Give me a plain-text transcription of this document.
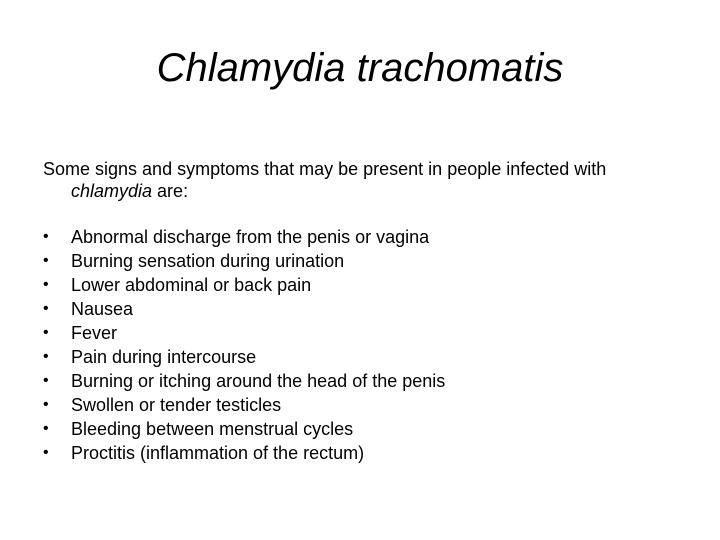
Chlamydia trachomatis

Some signs and symptoms that may be present in people infected with
chlamydia are:

•	Abnormal discharge from the penis or vagina
•	Burning sensation during urination
•	Lower abdominal or back pain
•	Nausea
•	Fever
•	Pain during intercourse
•	Burning or itching around the head of the penis
•	Swollen or tender testicles
•	Bleeding between menstrual cycles
•	Proctitis (inflammation of the rectum)
